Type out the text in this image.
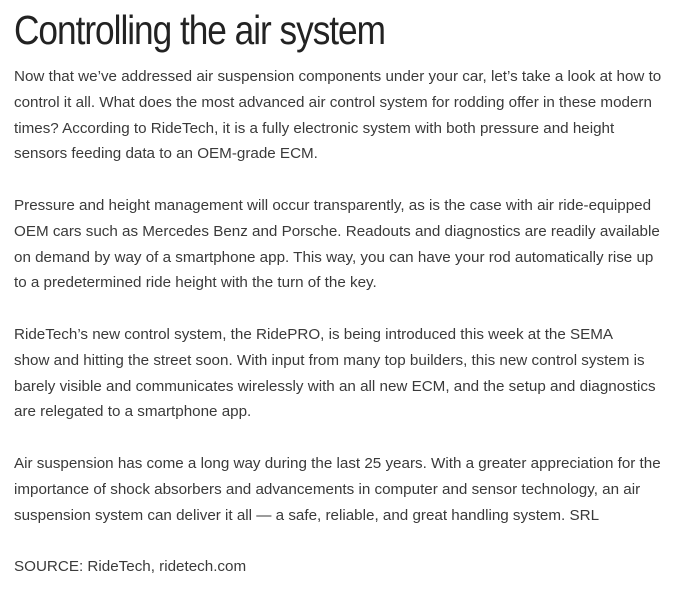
Controlling the air system

Now that we’ve addressed air suspension components under your car, let’s take a look at how to
control it all. What does the most advanced air control system for rodding offer in these modern
times? According to RideTech, it is a fully electronic system with both pressure and height
sensors feeding data to an OEM-grade ECM.

Pressure and height management will occur transparently, as is the case with air ride-equipped
OEM cars such as Mercedes Benz and Porsche. Readouts and diagnostics are readily available
on demand by way of a smartphone app. This way, you can have your rod automatically rise up
to a predetermined ride height with the turn of the key.

RideTech’s new control system, the RidePRO, is being introduced this week at the SEMA
show and hitting the street soon. With input from many top builders, this new control system is
barely visible and communicates wirelessly with an all new ECM, and the setup and diagnostics
are relegated to a smartphone app.

Air suspension has come a long way during the last 25 years. With a greater appreciation for the
importance of shock absorbers and advancements in computer and sensor technology, an air
suspension system can deliver it all — a safe, reliable, and great handling system. SRL

SOURCE: RideTech, ridetech.com
